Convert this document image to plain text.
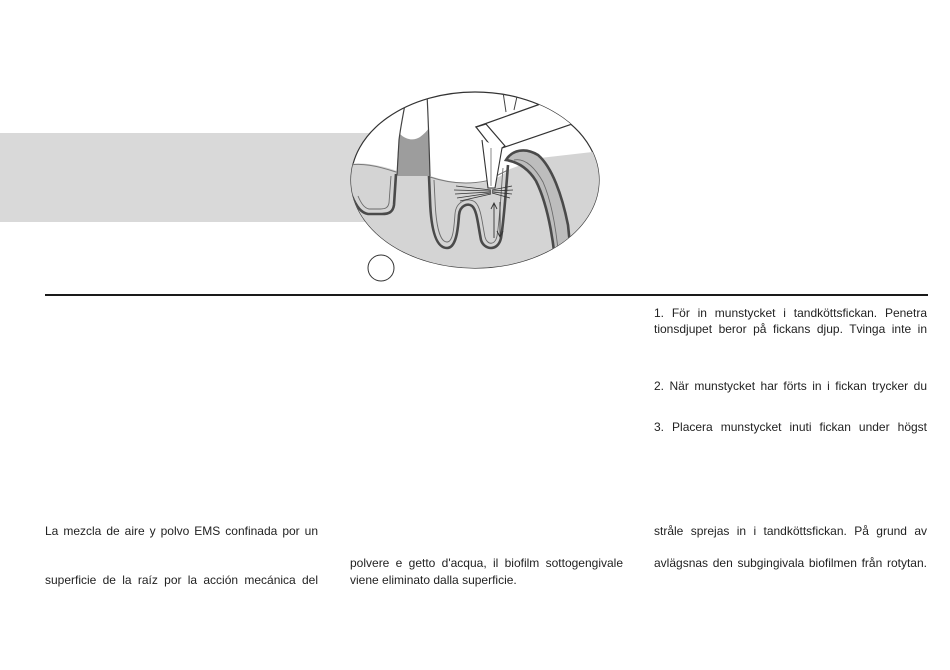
1. För in munstycket i tandköttsfickan. Penetra
tionsdjupet beror på fickans djup. Tvinga inte in
2. När munstycket har förts in i fickan trycker du
3. Placera munstycket inuti fickan under högst
La mezcla de aire y polvo EMS confinada por un	stråle sprejas in i tandköttsfickan. På grund av
polvere e getto d'acqua, il biofilm sottogengivale	avlägsnas den subgingivala biofilmen från rotytan.
superficie de la raíz por la acción mecánica del	viene eliminato dalla superficie.
